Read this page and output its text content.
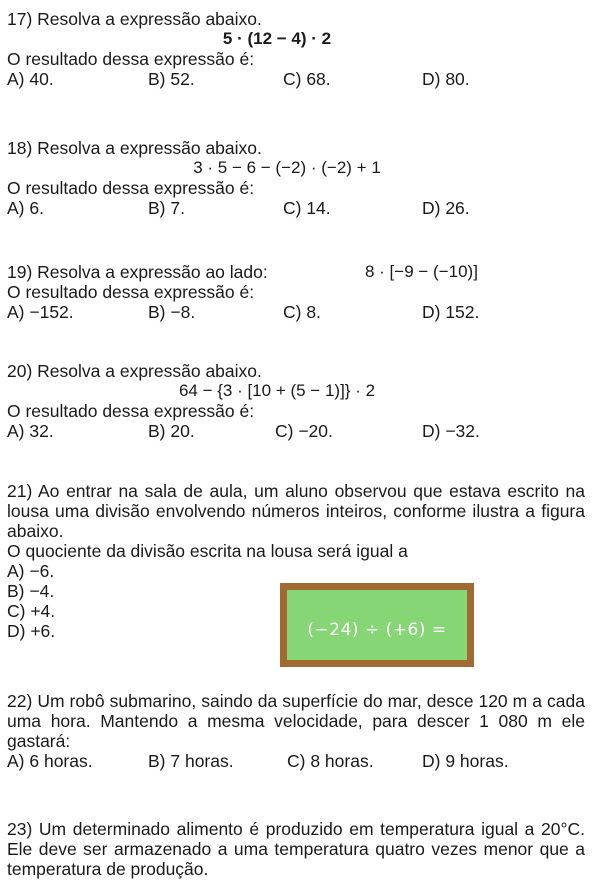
17) Resolva a expressão abaixo.
5 · (12 − 4) · 2
O resultado dessa expressão é:
A) 40.	B) 52.	C) 68.	D) 80.
18) Resolva a expressão abaixo.
3 · 5 − 6 − (−2) · (−2) + 1
O resultado dessa expressão é:
A) 6.	B) 7.	C) 14.	D) 26.
19) Resolva a expressão ao lado:	8 · [−9 − (−10)]
O resultado dessa expressão é:
A) −152.	B) −8.	C) 8.	D) 152.
20) Resolva a expressão abaixo.
64 − {3 · [10 + (5 − 1)]} · 2
O resultado dessa expressão é:
A) 32.	B) 20.	C) −20.	D) −32.
21) Ao entrar na sala de aula, um aluno observou que estava escrito na lousa uma divisão envolvendo números inteiros, conforme ilustra a figura abaixo.
O quociente da divisão escrita na lousa será igual a
A) −6.
B) −4.
C) +4.
D) +6.	(−24) ÷ (+6) =
22) Um robô submarino, saindo da superfície do mar, desce 120 m a cada uma hora. Mantendo a mesma velocidade, para descer 1 080 m ele gastará:
A) 6 horas.	B) 7 horas.	C) 8 horas.	D) 9 horas.
23) Um determinado alimento é produzido em temperatura igual a 20°C. Ele deve ser armazenado a uma temperatura quatro vezes menor que a temperatura de produção.
